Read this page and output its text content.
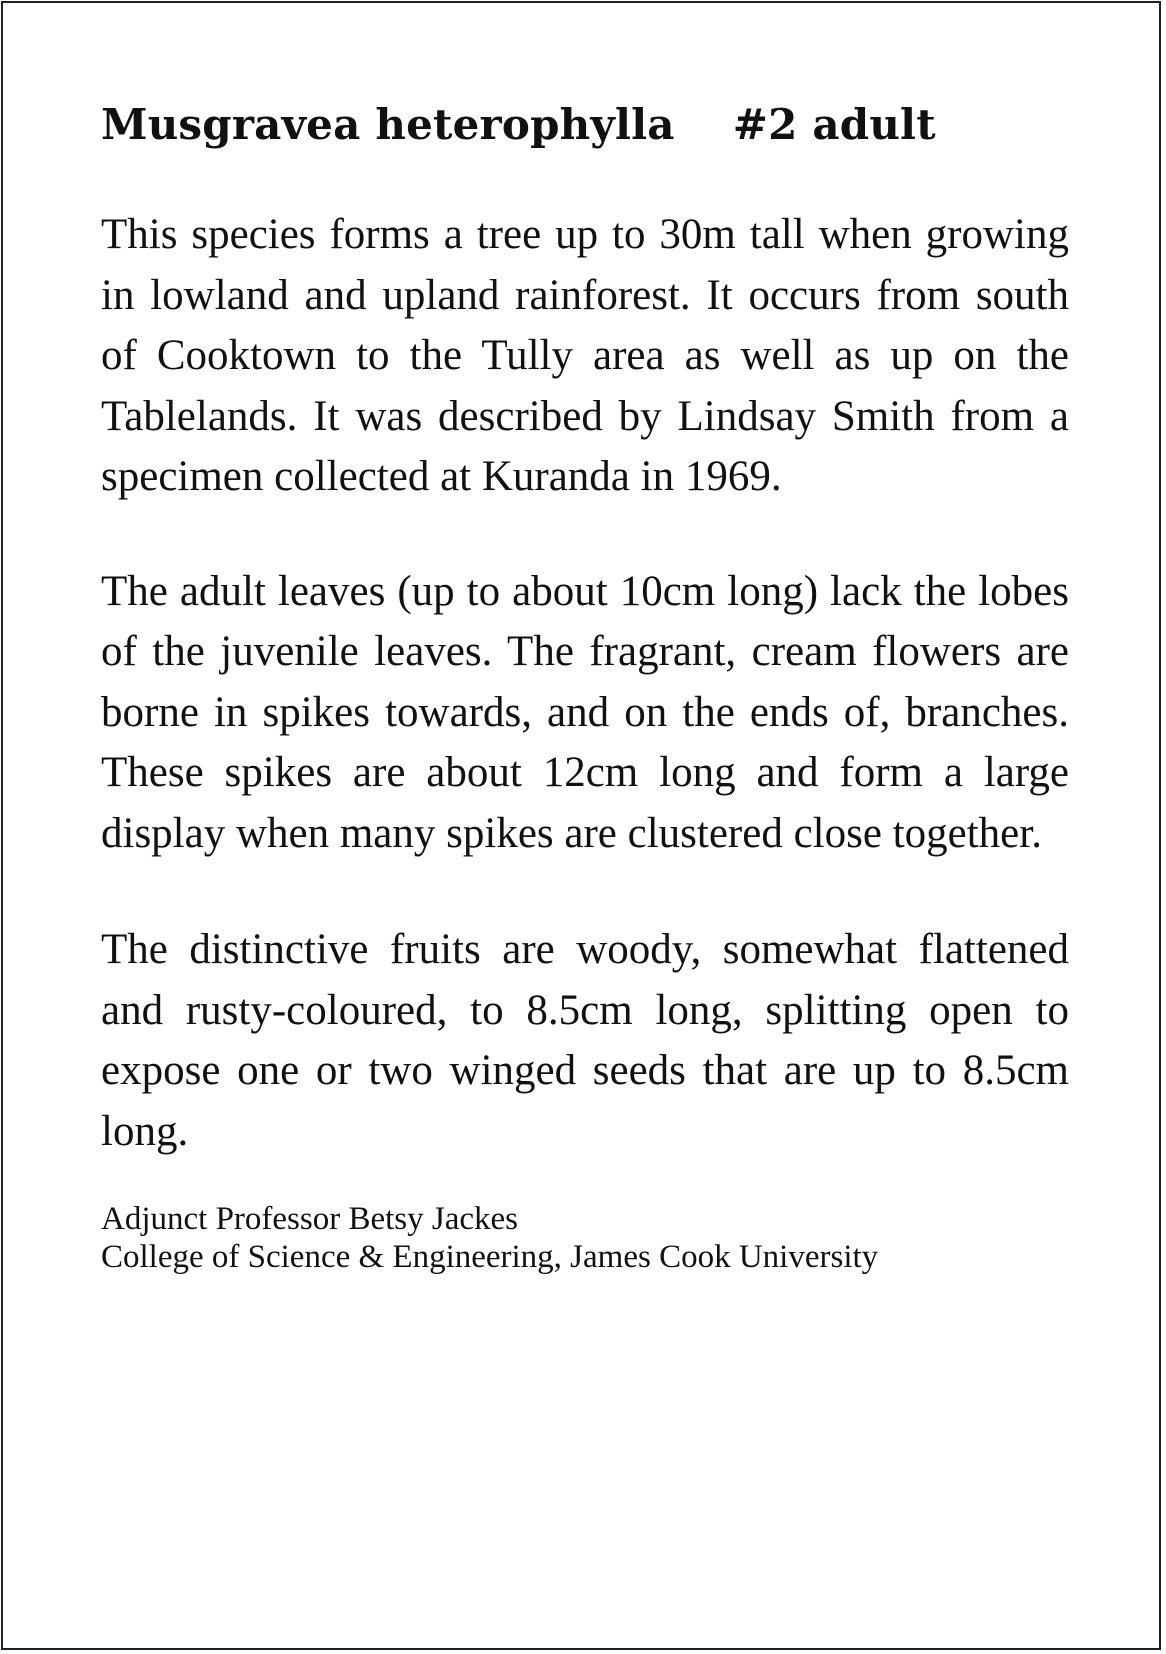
Musgravea heterophylla #2 adult

This species forms a tree up to 30m tall when growing in lowland and upland rainforest. It occurs from south of Cooktown to the Tully area as well as up on the Tablelands. It was described by Lindsay Smith from a specimen collected at Kuranda in 1969.

The adult leaves (up to about 10cm long) lack the lobes of the juvenile leaves. The fragrant, cream flowers are borne in spikes towards, and on the ends of, branches. These spikes are about 12cm long and form a large display when many spikes are clustered close together.

The distinctive fruits are woody, somewhat flattened and rusty-coloured, to 8.5cm long, splitting open to expose one or two winged seeds that are up to 8.5cm long.

Adjunct Professor Betsy Jackes
College of Science & Engineering, James Cook University
